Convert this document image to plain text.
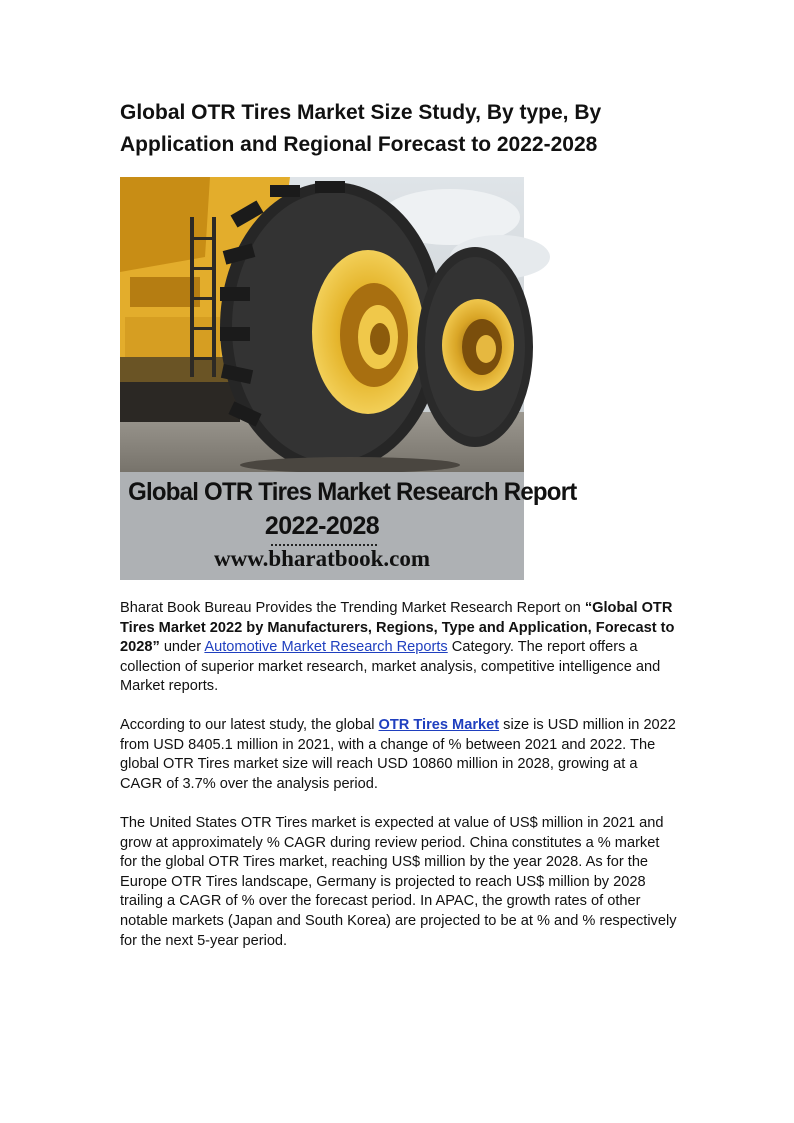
Global OTR Tires Market Size Study, By type, By Application and Regional Forecast to 2022-2028
Global OTR Tires Market Research Report
2022-2028
www.bharatbook.com

Bharat Book Bureau Provides the Trending Market Research Report on “Global OTR Tires Market 2022 by Manufacturers, Regions, Type and Application, Forecast to 2028” under Automotive Market Research Reports Category. The report offers a collection of superior market research, market analysis, competitive intelligence and Market reports.

According to our latest study, the global OTR Tires Market size is USD million in 2022 from USD 8405.1 million in 2021, with a change of % between 2021 and 2022. The global OTR Tires market size will reach USD 10860 million in 2028, growing at a CAGR of 3.7% over the analysis period.

The United States OTR Tires market is expected at value of US$ million in 2021 and grow at approximately % CAGR during review period. China constitutes a % market for the global OTR Tires market, reaching US$ million by the year 2028. As for the Europe OTR Tires landscape, Germany is projected to reach US$ million by 2028 trailing a CAGR of % over the forecast period. In APAC, the growth rates of other notable markets (Japan and South Korea) are projected to be at % and % respectively for the next 5-year period.
